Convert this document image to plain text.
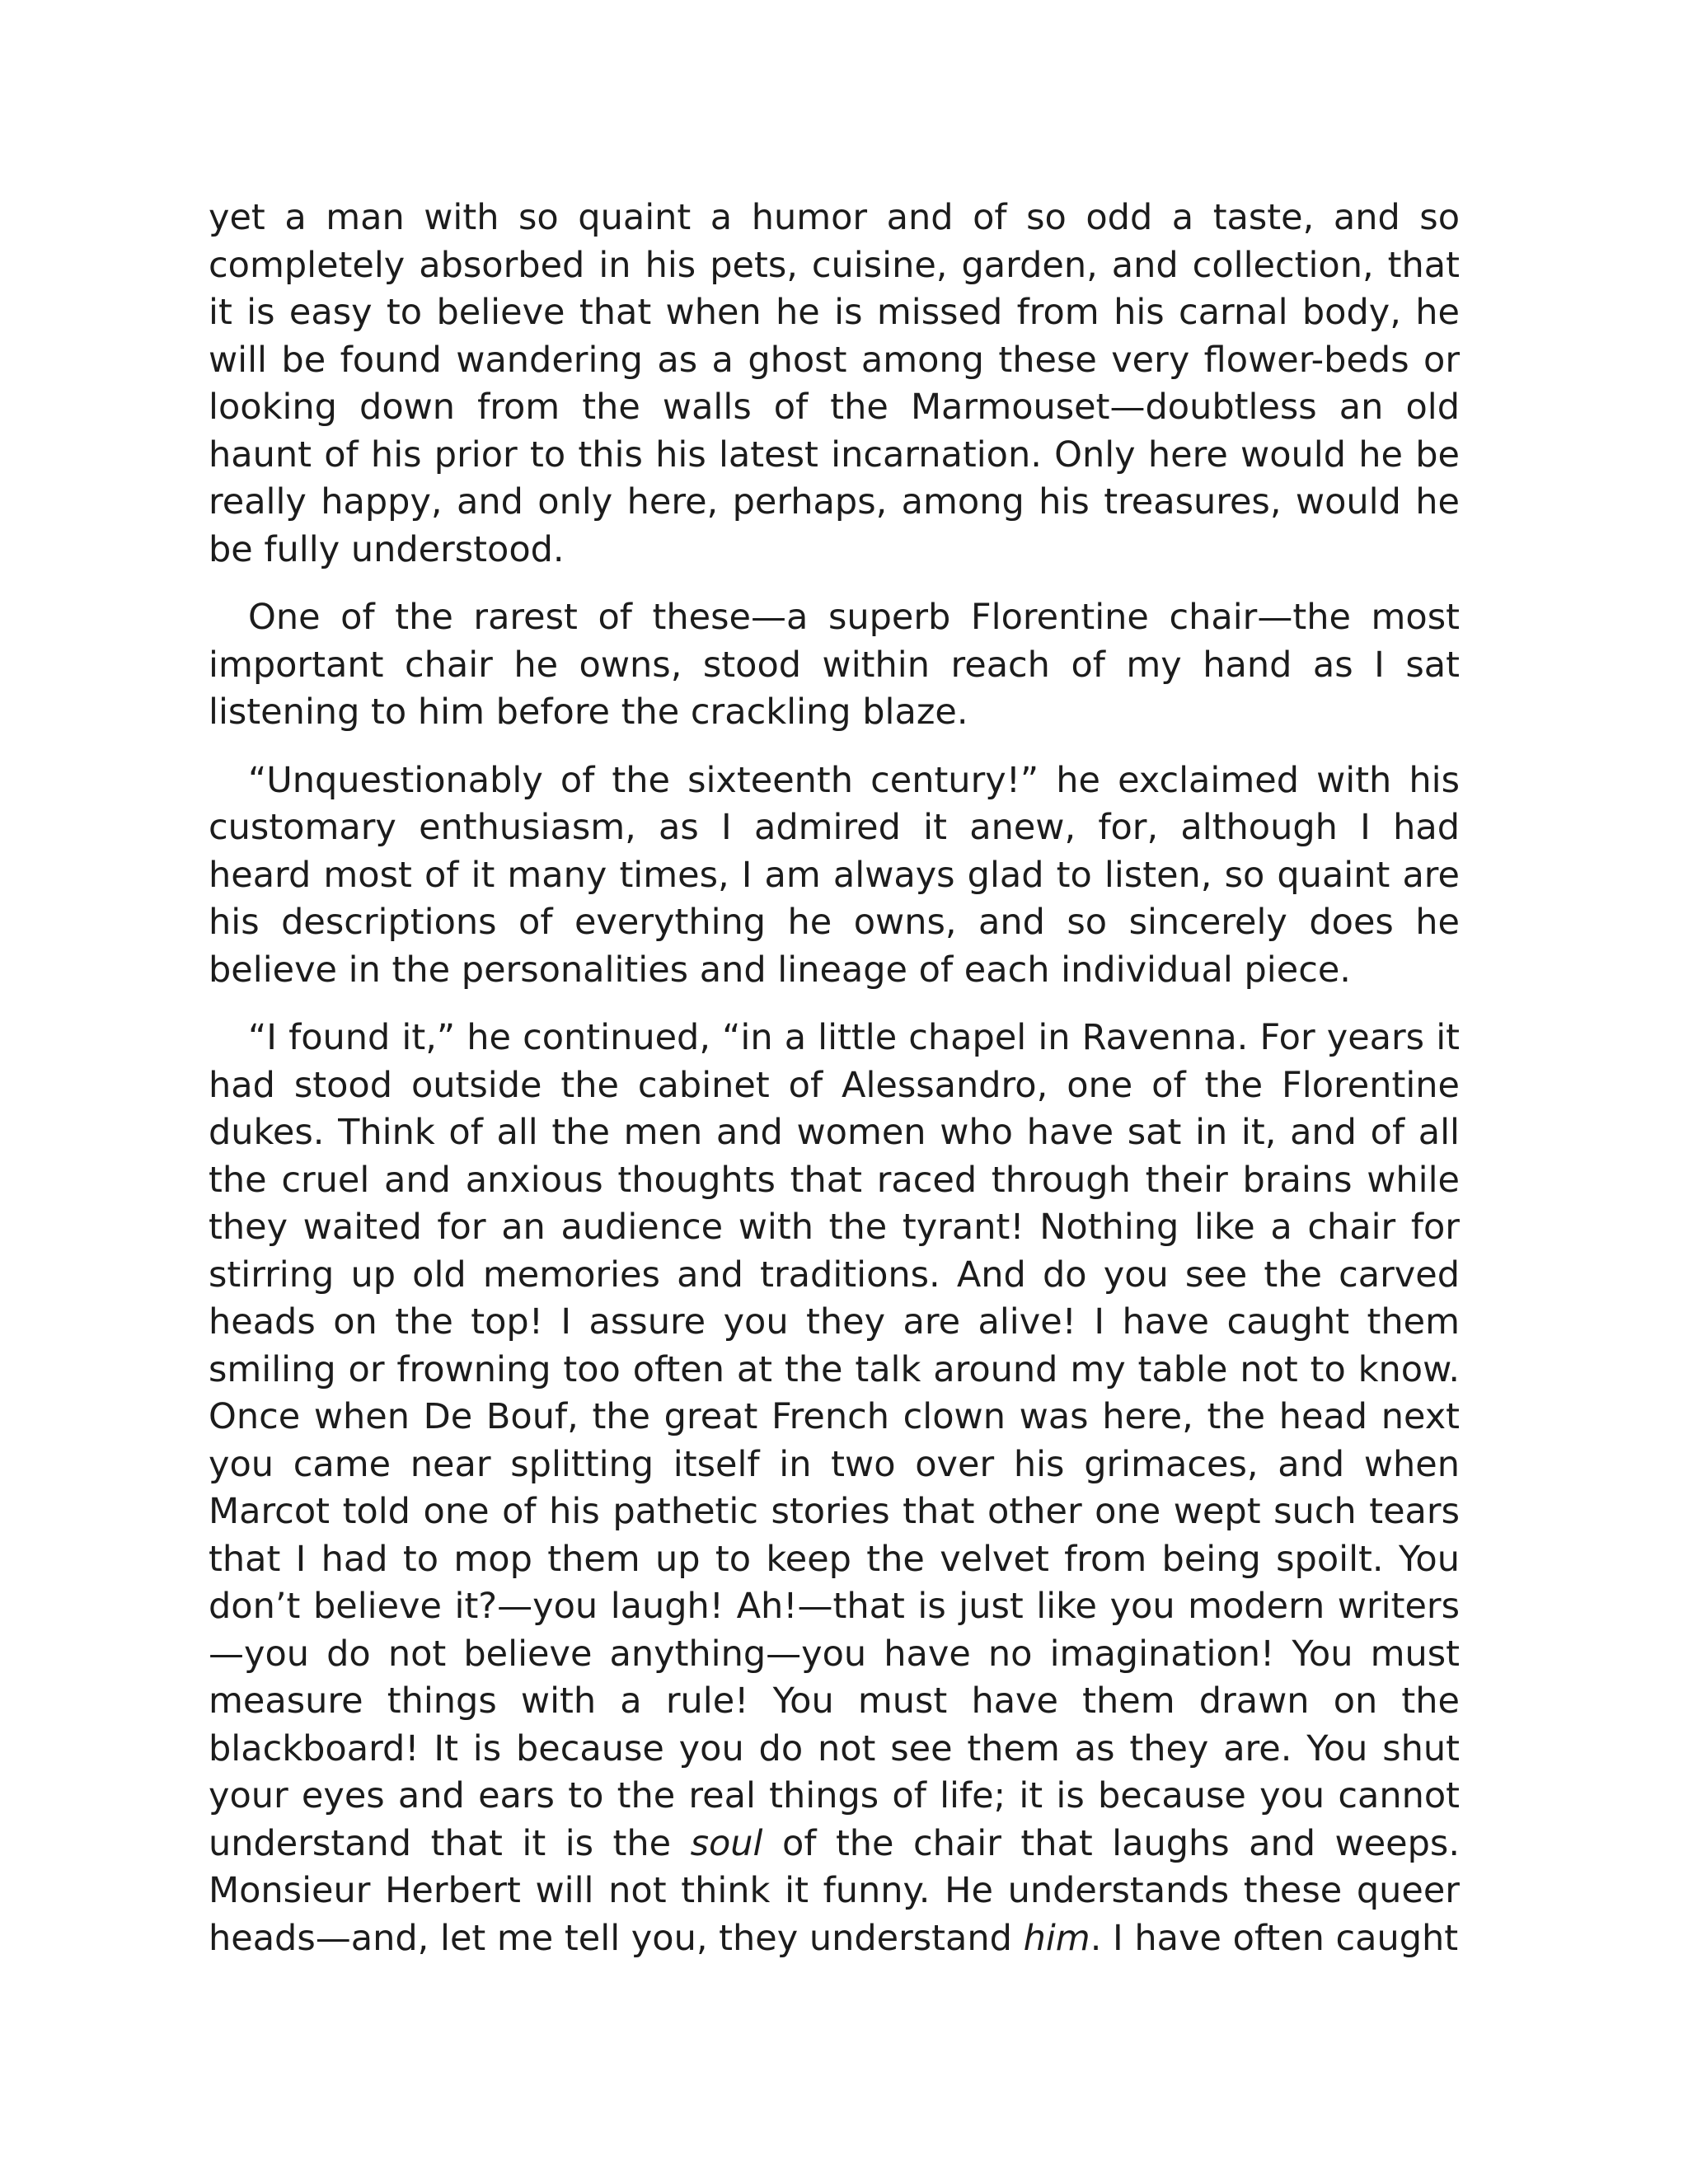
yet a man with so quaint a humor and of so odd a taste, and so completely absorbed in his pets, cuisine, garden, and collection, that it is easy to believe that when he is missed from his carnal body, he will be found wandering as a ghost among these very flower-beds or looking down from the walls of the Marmouset—doubtless an old haunt of his prior to this his latest incarnation. Only here would he be really happy, and only here, perhaps, among his treasures, would he be fully understood.

One of the rarest of these—a superb Florentine chair—the most important chair he owns, stood within reach of my hand as I sat listening to him before the crackling blaze.

“Unquestionably of the sixteenth century!” he exclaimed with his customary enthusiasm, as I admired it anew, for, although I had heard most of it many times, I am always glad to listen, so quaint are his descriptions of everything he owns, and so sincerely does he believe in the personalities and lineage of each individual piece.

“I found it,” he continued, “in a little chapel in Ravenna. For years it had stood outside the cabinet of Alessandro, one of the Florentine dukes. Think of all the men and women who have sat in it, and of all the cruel and anxious thoughts that raced through their brains while they waited for an audience with the tyrant! Nothing like a chair for stirring up old memories and traditions. And do you see the carved heads on the top! I assure you they are alive! I have caught them smiling or frowning too often at the talk around my table not to know. Once when De Bouf, the great French clown was here, the head next you came near splitting itself in two over his grimaces, and when Marcot told one of his pathetic stories that other one wept such tears that I had to mop them up to keep the velvet from being spoilt. You don’t believe it?—you laugh! Ah!—that is just like you modern writers—you do not believe anything—you have no imagination! You must measure things with a rule! You must have them drawn on the blackboard! It is because you do not see them as they are. You shut your eyes and ears to the real things of life; it is because you cannot understand that it is the soul of the chair that laughs and weeps. Monsieur Herbert will not think it funny. He understands these queer heads—and, let me tell you, they understand him. I have often caught
